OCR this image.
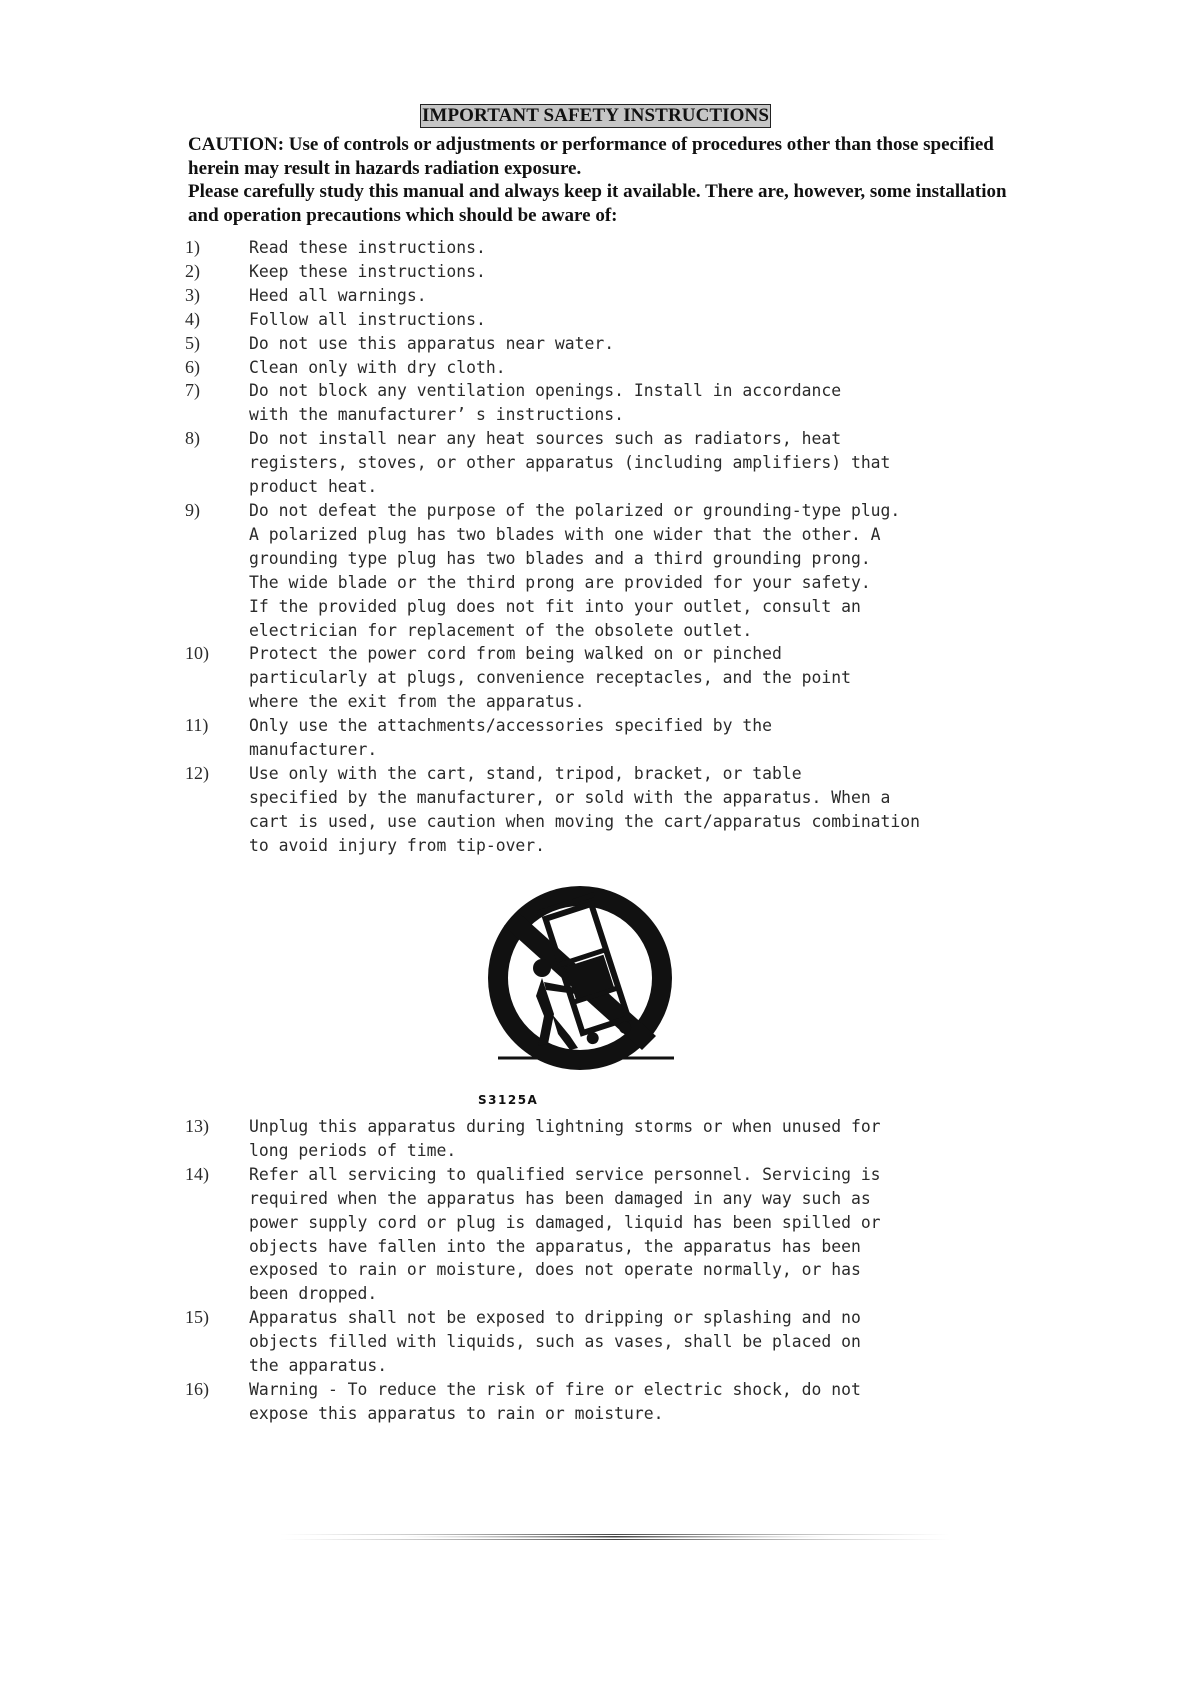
IMPORTANT SAFETY INSTRUCTIONS

CAUTION: Use of controls or adjustments or performance of procedures other than those specified herein may result in hazards radiation exposure.

Please carefully study this manual and always keep it available. There are, however, some installation and operation precautions which should be aware of:

1)	Read these instructions.
2)	Keep these instructions.
3)	Heed all warnings.
4)	Follow all instructions.
5)	Do not use this apparatus near water.
6)	Clean only with dry cloth.
7)	Do not block any ventilation openings. Install in accordance
with the manufacturer’ s instructions.
8)	Do not install near any heat sources such as radiators, heat
registers, stoves, or other apparatus (including amplifiers) that
product heat.
9)	Do not defeat the purpose of the polarized or grounding-type plug.
A polarized plug has two blades with one wider that the other. A
grounding type plug has two blades and a third grounding prong.
The wide blade or the third prong are provided for your safety.
If the provided plug does not fit into your outlet, consult an
electrician for replacement of the obsolete outlet.
10) Protect the power cord from being walked on or pinched
particularly at plugs, convenience receptacles, and the point
where the exit from the apparatus.
11) Only use the attachments/accessories specified by the
manufacturer.
12) Use only with the cart, stand, tripod, bracket, or table
specified by the manufacturer, or sold with the apparatus. When a
cart is used, use caution when moving the cart/apparatus combination
to avoid injury from tip-over.
S3125A
13) Unplug this apparatus during lightning storms or when unused for
long periods of time.
14) Refer all servicing to qualified service personnel. Servicing is
required when the apparatus has been damaged in any way such as
power supply cord or plug is damaged, liquid has been spilled or
objects have fallen into the apparatus, the apparatus has been
exposed to rain or moisture, does not operate normally, or has
been dropped.
15) Apparatus shall not be exposed to dripping or splashing and no
objects filled with liquids, such as vases, shall be placed on
the apparatus.
16) Warning - To reduce the risk of fire or electric shock, do not
expose this apparatus to rain or moisture.
